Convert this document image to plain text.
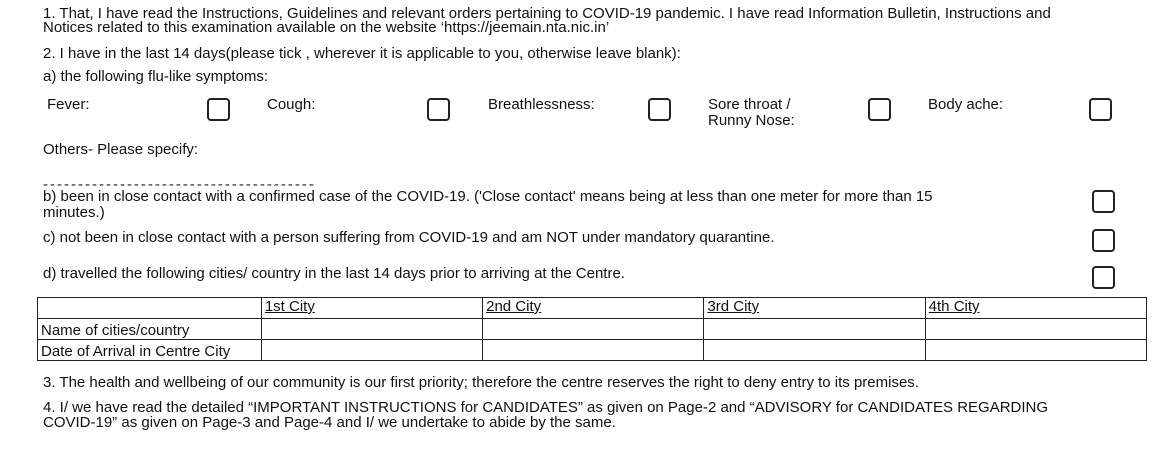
1. That, I have read the Instructions, Guidelines and relevant orders pertaining to COVID-19 pandemic. I have read Information Bulletin, Instructions and
Notices related to this examination available on the website ‘https://jeemain.nta.nic.in’
2. I have in the last 14 days(please tick , wherever it is applicable to you, otherwise leave blank):
a) the following flu-like symptoms:
Fever:	Cough:	Breathlessness:	Sore throat /
Runny Nose:
Body ache:
Others- Please specify:
---------------------------------------
b) been in close contact with a confirmed case of the COVID-19. ('Close contact' means being at less than one meter for more than 15
minutes.)
c) not been in close contact with a person suffering from COVID-19 and am NOT under mandatory quarantine.
d) travelled the following cities/ country in the last 14 days prior to arriving at the Centre.
	1st City	2nd City	3rd City	4th City
Name of cities/country				
Date of Arrival in Centre City				
3. The health and wellbeing of our community is our first priority; therefore the centre reserves the right to deny entry to its premises.
4. I/ we have read the detailed “IMPORTANT INSTRUCTIONS for CANDIDATES” as given on Page-2 and “ADVISORY for CANDIDATES REGARDING
COVID-19” as given on Page-3 and Page-4 and I/ we undertake to abide by the same.
